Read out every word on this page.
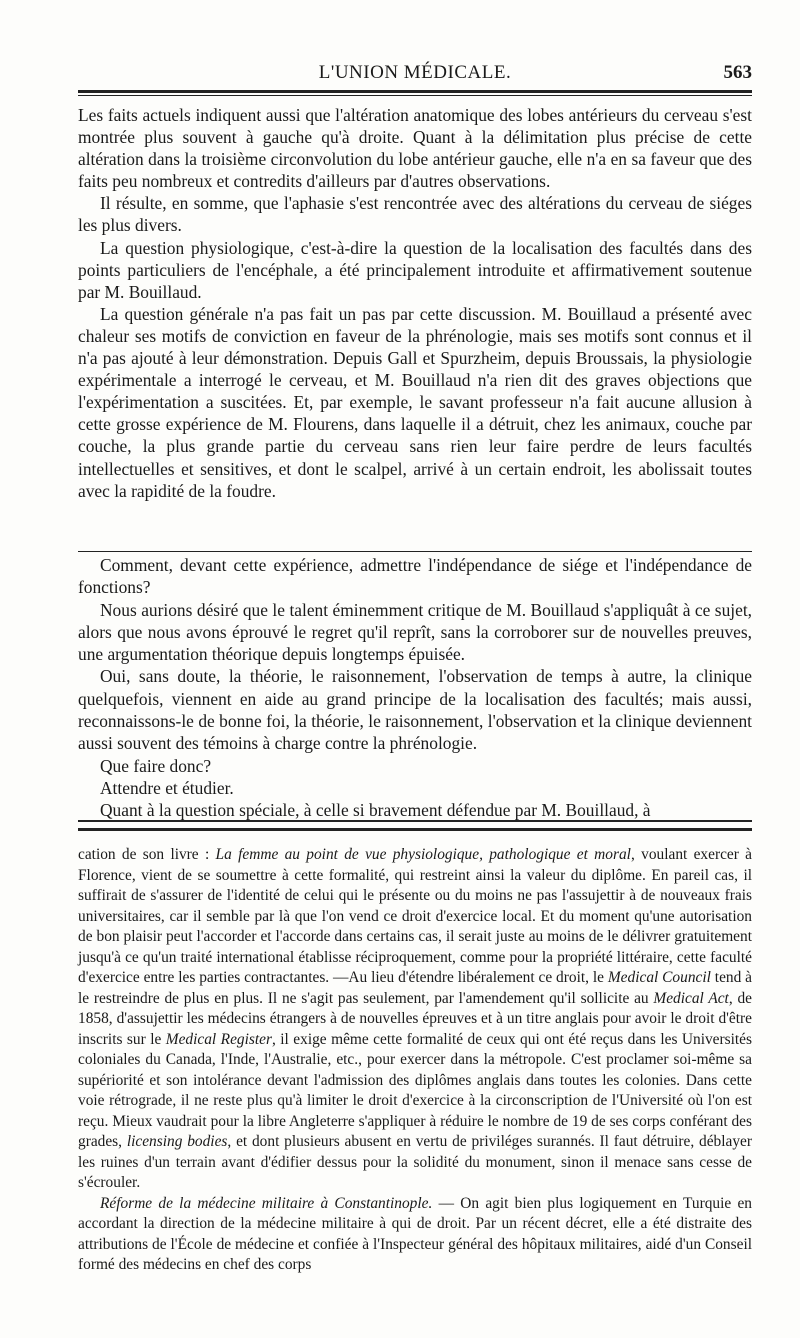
L'UNION MÉDICALE.	563

Les faits actuels indiquent aussi que l'altération anatomique des lobes antérieurs du cerveau s'est montrée plus souvent à gauche qu'à droite. Quant à la délimitation plus précise de cette altération dans la troisième circonvolution du lobe antérieur gauche, elle n'a en sa faveur que des faits peu nombreux et contredits d'ailleurs par d'autres observations.

Il résulte, en somme, que l'aphasie s'est rencontrée avec des altérations du cerveau de siéges les plus divers.

La question physiologique, c'est-à-dire la question de la localisation des facultés dans des points particuliers de l'encéphale, a été principalement introduite et affirmativement soutenue par M. Bouillaud.

La question générale n'a pas fait un pas par cette discussion. M. Bouillaud a présenté avec chaleur ses motifs de conviction en faveur de la phrénologie, mais ses motifs sont connus et il n'a pas ajouté à leur démonstration. Depuis Gall et Spurzheim, depuis Broussais, la physiologie expérimentale a interrogé le cerveau, et M. Bouillaud n'a rien dit des graves objections que l'expérimentation a suscitées. Et, par exemple, le savant professeur n'a fait aucune allusion à cette grosse expérience de M. Flourens, dans laquelle il a détruit, chez les animaux, couche par couche, la plus grande partie du cerveau sans rien leur faire perdre de leurs facultés intellectuelles et sensitives, et dont le scalpel, arrivé à un certain endroit, les abolissait toutes avec la rapidité de la foudre.

Comment, devant cette expérience, admettre l'indépendance de siége et l'indépendance de fonctions?

Nous aurions désiré que le talent éminemment critique de M. Bouillaud s'appliquât à ce sujet, alors que nous avons éprouvé le regret qu'il reprît, sans la corroborer sur de nouvelles preuves, une argumentation théorique depuis longtemps épuisée.

Oui, sans doute, la théorie, le raisonnement, l'observation de temps à autre, la clinique quelquefois, viennent en aide au grand principe de la localisation des facultés; mais aussi, reconnaissons-le de bonne foi, la théorie, le raisonnement, l'observation et la clinique deviennent aussi souvent des témoins à charge contre la phrénologie.

Que faire donc?

Attendre et étudier.

Quant à la question spéciale, à celle si bravement défendue par M. Bouillaud, à

cation de son livre : La femme au point de vue physiologique, pathologique et moral, voulant exercer à Florence, vient de se soumettre à cette formalité, qui restreint ainsi la valeur du diplôme. En pareil cas, il suffirait de s'assurer de l'identité de celui qui le présente ou du moins ne pas l'assujettir à de nouveaux frais universitaires, car il semble par là que l'on vend ce droit d'exercice local. Et du moment qu'une autorisation de bon plaisir peut l'accorder et l'accorde dans certains cas, il serait juste au moins de le délivrer gratuitement jusqu'à ce qu'un traité international établisse réciproquement, comme pour la propriété littéraire, cette faculté d'exercice entre les parties contractantes. —Au lieu d'étendre libéralement ce droit, le Medical Council tend à le restreindre de plus en plus. Il ne s'agit pas seulement, par l'amendement qu'il sollicite au Medical Act, de 1858, d'assujettir les médecins étrangers à de nouvelles épreuves et à un titre anglais pour avoir le droit d'être inscrits sur le Medical Register, il exige même cette formalité de ceux qui ont été reçus dans les Universités coloniales du Canada, l'Inde, l'Australie, etc., pour exercer dans la métropole. C'est proclamer soi-même sa supériorité et son intolérance devant l'admission des diplômes anglais dans toutes les colonies. Dans cette voie rétrograde, il ne reste plus qu'à limiter le droit d'exercice à la circonscription de l'Université où l'on est reçu. Mieux vaudrait pour la libre Angleterre s'appliquer à réduire le nombre de 19 de ses corps conférant des grades, licensing bodies, et dont plusieurs abusent en vertu de priviléges surannés. Il faut détruire, déblayer les ruines d'un terrain avant d'édifier dessus pour la solidité du monument, sinon il menace sans cesse de s'écrouler.

Réforme de la médecine militaire à Constantinople. — On agit bien plus logiquement en Turquie en accordant la direction de la médecine militaire à qui de droit. Par un récent décret, elle a été distraite des attributions de l'École de médecine et confiée à l'Inspecteur général des hôpitaux militaires, aidé d'un Conseil formé des médecins en chef des corps
